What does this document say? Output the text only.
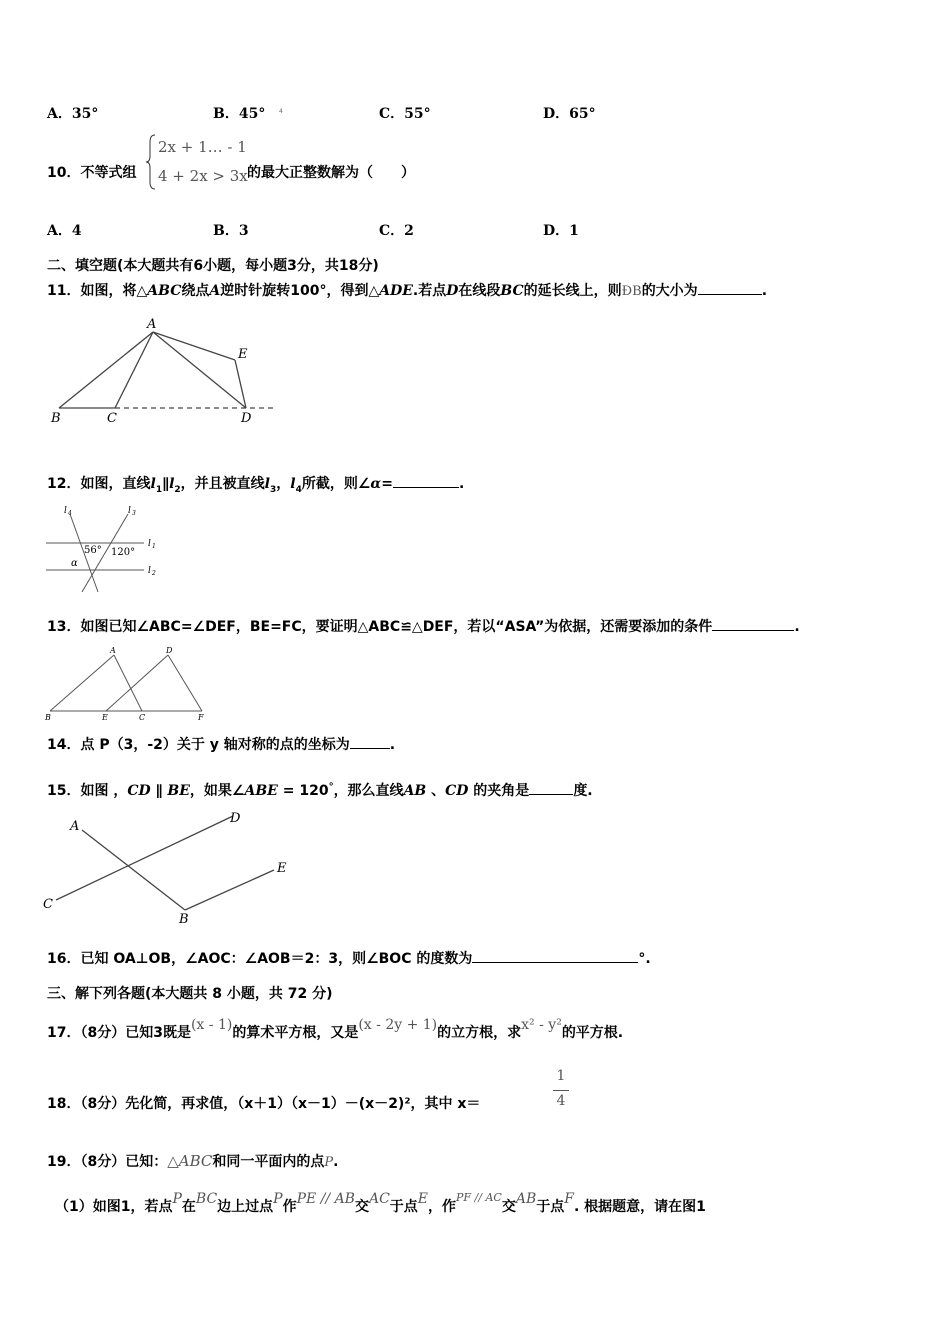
A．35°	B．45° 4	C．55°	D．65°
10．不等式组
2x + 1… - 1
4 + 2x > 3x 的最大正整数解为（　　）
A．4	B．3	C．2	D．1
二、填空题(本大题共有6小题，每小题3分，共18分)
11．如图，将△ABC绕点A逆时针旋转100°，得到△ADE.若点D在线段BC的延长线上，则ÐB的大小为	.
A
E
B	C	D
12．如图，直线$l_1\parallel l_2$，并且被直线$l_3$，$l_4$所截，则∠α=	.
l 4	l 3
l 1
l 2
56° 120°
α
13．如图已知∠ABC=∠DEF，BE=FC，要证明△ABC≌△DEF，若以“ASA”为依据，还需要添加的条件	.
A	D
B	E	C	F
14．点 P（3，-2）关于 y 轴对称的点的坐标为	.
15．如图 ，CD ∥ BE，如果∠ABE = 120°，那么直线AB 、CD 的夹角是	度.
A
D
E
C
B
16．已知 OA⊥OB，∠AOC：∠AOB＝2：3，则∠BOC 的度数为	°.
三、解下列各题(本大题共 8 小题，共 72 分)
17．（8分）已知3既是(x - 1)的算术平方根，又是(x - 2y + 1)的立方根，求x² - y²的平方根.
18．（8分）先化简，再求值，（x＋1）（x－1）－(x－2)²，其中 x＝
1
4
19．（8分）已知：△ABC和同一平面内的点P.
（1）如图1，若点P在BC边上过点P作PE // AB交AC于点E，作$^{PF // AC}$交AB于点F. 根据题意，请在图1
